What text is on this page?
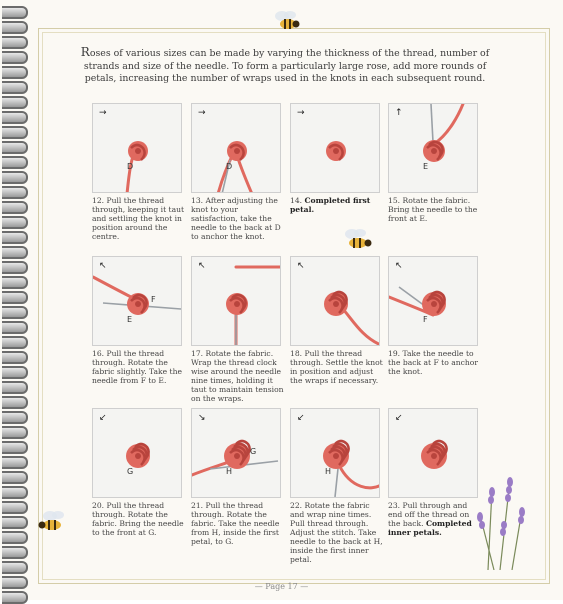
Roses of various sizes can be made by varying the thickness of the thread, number of strands and size of the needle. To form a particularly large rose, add more rounds of petals, increasing the number of wraps used in the knots in each subsequent round.

→
D
12. Pull the thread through, keeping it taut and settling the knot in position around the centre.
→
D
13. After adjusting the knot to your satisfaction, take the needle to the back at D to anchor the knot.
→
14. Completed first petal.
↑
E
15. Rotate the fabric. Bring the needle to the front at E.
↖
E
F
16. Pull the thread through. Rotate the fabric slightly. Take the needle from F to E.
↖
17. Rotate the fabric. Wrap the thread clock wise around the needle nine times, holding it taut to maintain tension on the wraps.
↖
18. Pull the thread through. Settle the knot in position and adjust the wraps if necessary.
↖
F
19. Take the needle to the back at F to anchor the knot.
↙
G
20. Pull the thread through. Rotate the fabric. Bring the needle to the front at G.
↘
H
G
21. Pull the thread through. Rotate the fabric. Take the needle from H, inside the first petal, to G.
↙
H
22. Rotate the fabric and wrap nine times. Pull thread through. Adjust the stitch. Take needle to the back at H, inside the first inner petal.
↙
23. Pull through and end off the thread on the back. Completed inner petals.
— Page 17 —
